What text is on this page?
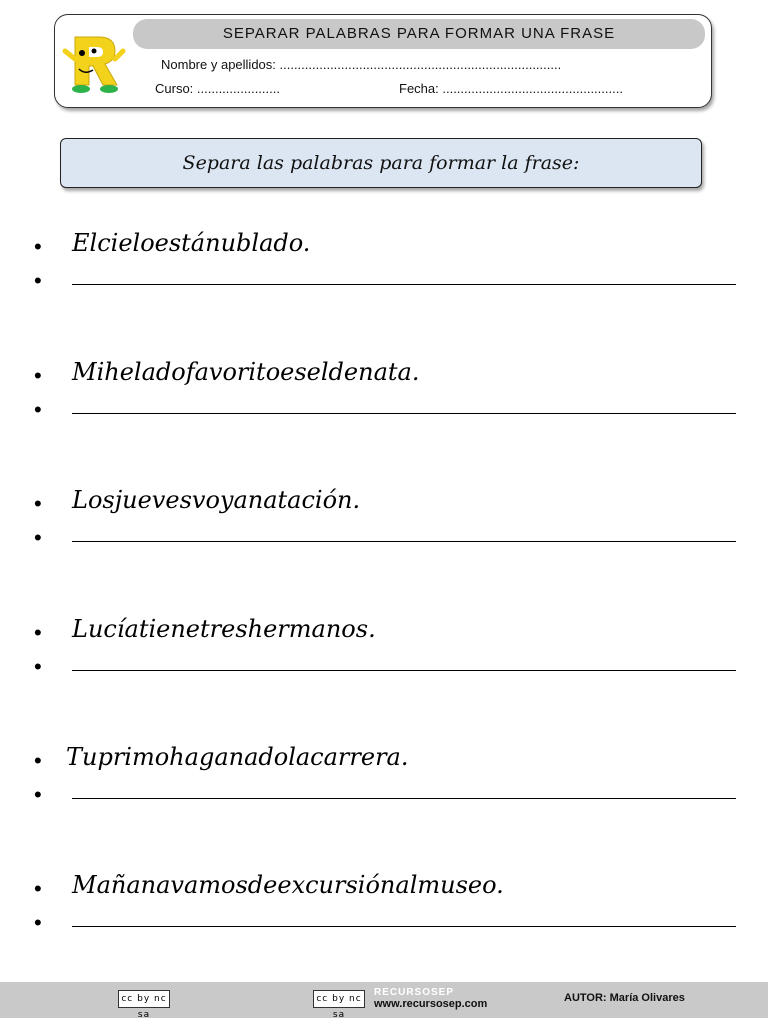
SEPARAR PALABRAS PARA FORMAR UNA FRASE
Nombre y apellidos: ..............................................................................
Curso: .......................	Fecha: ..................................................
Separa las palabras para formar la frase:
• Elcieloestánublado.
•
• Miheladofavoritoeseldenata.
•
• Losjuevesvoyanatación.
•
• Lucíatienetreshermanos.
•
• Tuprimohaganadolacarrera.
•
• Mañanavamosdeexcursiónalmuseo.
•
cc by nc sa
cc by nc sa
RECURSOSEP
www.recursosep.com	AUTOR: María Olivares
